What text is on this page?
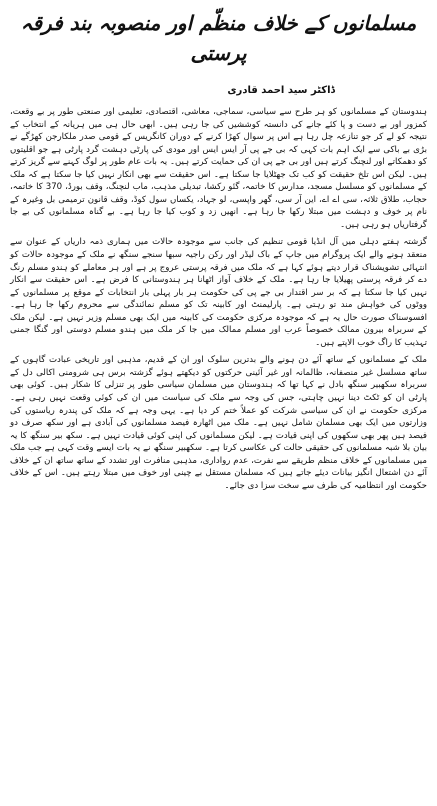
مسلمانوں کے خلاف منظّم اور منصوبہ بند فرقہ پرستی
ڈاکٹر سید احمد قادری

ہندوستان کے مسلمانوں کو ہر طرح سے سیاسی، سماجی، معاشی، اقتصادی، تعلیمی اور صنعتی طور پر بے وقعت، کمزور اور بے دست و پا کئے جانے کی دانستہ کوششیں کی جا رہی ہیں۔ ابھی حال ہی میں ہریانہ کے انتخاب کے نتیجہ کو لے کر جو تنازعہ چل رہا ہے اس پر سوال کھڑا کرنے کے دوران کانگریس کے قومی صدر ملکارجن کھڑگے نے بڑی بے باکی سے ایک اہم بات کہی کہ بی جے پی آر ایس ایس اور مودی کی پارٹی دہشت گرد پارٹی ہے جو اقلیتوں کو دھمکاتے اور لنچنگ کرتے ہیں اور بی جے پی ان کی حمایت کرتے ہیں۔ یہ بات عام طور پر لوگ کہنے سے گریز کرتے ہیں۔ لیکن اس تلخ حقیقت کو کب تک جھٹلایا جا سکتا ہے۔ اس حقیقت سے بھی انکار نہیں کیا جا سکتا ہے کہ ملک کے مسلمانوں کو مسلسل مسجد، مدارس کا خاتمہ، گئو رکشا، تبدیلی مذہب، ماب لنچنگ، وقف بورڈ، 370 کا خاتمہ، حجاب، طلاق ثلاثہ، سی اے اے، این آر سی، گھر واپسی، لو جہاد، یکساں سول کوڈ، وقف قانون ترمیمی بل وغیرہ کے نام پر خوف و دہشت میں مبتلا رکھا جا رہا ہے۔ انھیں زد و کوب کیا جا رہا ہے۔ بے گناہ مسلمانوں کی بے جا گرفتاریاں ہو رہی ہیں۔

گزشتہ ہفتے دہلی میں آل انڈیا قومی تنظیم کی جانب سے موجودہ حالات میں ہماری ذمہ داریاں کے عنوان سے منعقد ہونے والے ایک پروگرام میں جاپ کے باک لیڈر اور رکن راجیہ سبھا سنجے سنگھ نے ملک کے موجودہ حالات کو انتہائی تشویشناک قرار دیتے ہوئے کہا ہے کہ ملک میں فرقہ پرستی عروج پر ہے اور ہر معاملے کو ہندو مسلم رنگ دے کر فرقہ پرستی پھیلایا جا رہا ہے۔ ملک کے خلاف آواز اٹھانا ہر ہندوستانی کا فرض ہے۔ اس حقیقت سے انکار نہیں کیا جا سکتا ہے کہ بر سر اقتدار بی جے پی کی حکومت ہر بار پہلی بار انتخابات کے موقع پر مسلمانوں کے ووٹوں کی خواہش مند تو رہتی ہے۔ پارلیمنٹ اور کابینہ تک کو مسلم نمائندگی سے محروم رکھا جا رہا ہے۔ افسوسناک صورت حال یہ ہے کہ موجودہ مرکزی حکومت کی کابینہ میں ایک بھی مسلم وزیر نہیں ہے۔ لیکن ملک کے سربراہ بیرون ممالک خصوصاً عرب اور مسلم ممالک میں جا کر ملک میں ہندو مسلم دوستی اور گنگا جمنی تہذیب کا راگ خوب الاپتے ہیں۔

ملک کے مسلمانوں کے ساتھ آئے دن ہونے والے بدترین سلوک اور ان کے قدیم، مذہبی اور تاریخی عبادت گاہوں کے ساتھ مسلسل غیر منصفانہ، ظالمانہ اور غیر آئینی حرکتوں کو دیکھتے ہوئے گزشتہ برس ہی شرومنی اکالی دل کے سربراہ سکھبیر سنگھ بادل نے کہا تھا کہ ہندوستان میں مسلمان سیاسی طور پر تنزلی کا شکار ہیں۔ کوئی بھی پارٹی ان کو ٹکٹ دینا نہیں چاہتی، جس کی وجہ سے ملک کی سیاست میں ان کی کوئی وقعت نہیں رہی ہے۔ مرکزی حکومت نے ان کی سیاسی شرکت کو عملاً ختم کر دیا ہے۔ یہی وجہ ہے کہ ملک کی پندرہ ریاستوں کی وزارتوں میں ایک بھی مسلمان شامل نہیں ہے۔ ملک میں اٹھارہ فیصد مسلمانوں کی آبادی ہے اور سکھ صرف دو فیصد ہیں پھر بھی سکھوں کی اپنی قیادت ہے۔ لیکن مسلمانوں کی اپنی کوئی قیادت نہیں ہے۔ سکھ بیر سنگھ کا یہ بیان بلا شبہ مسلمانوں کی حقیقی حالت کی عکاسی کرتا ہے۔ سکھبیر سنگھ نے یہ بات ایسے وقت کہی ہے جب ملک میں مسلمانوں کے خلاف منظم طریقے سے نفرت، عدم رواداری، مذہبی منافرت اور تشدد کے ساتھ ساتھ ان کے خلاف آئے دن اشتعال انگیز بیانات دیئے جاتے ہیں کہ مسلمان مستقل بے چینی اور خوف میں مبتلا رہتے ہیں۔ اس کے خلاف حکومت اور انتظامیہ کی طرف سے سخت سزا دی جائے۔
